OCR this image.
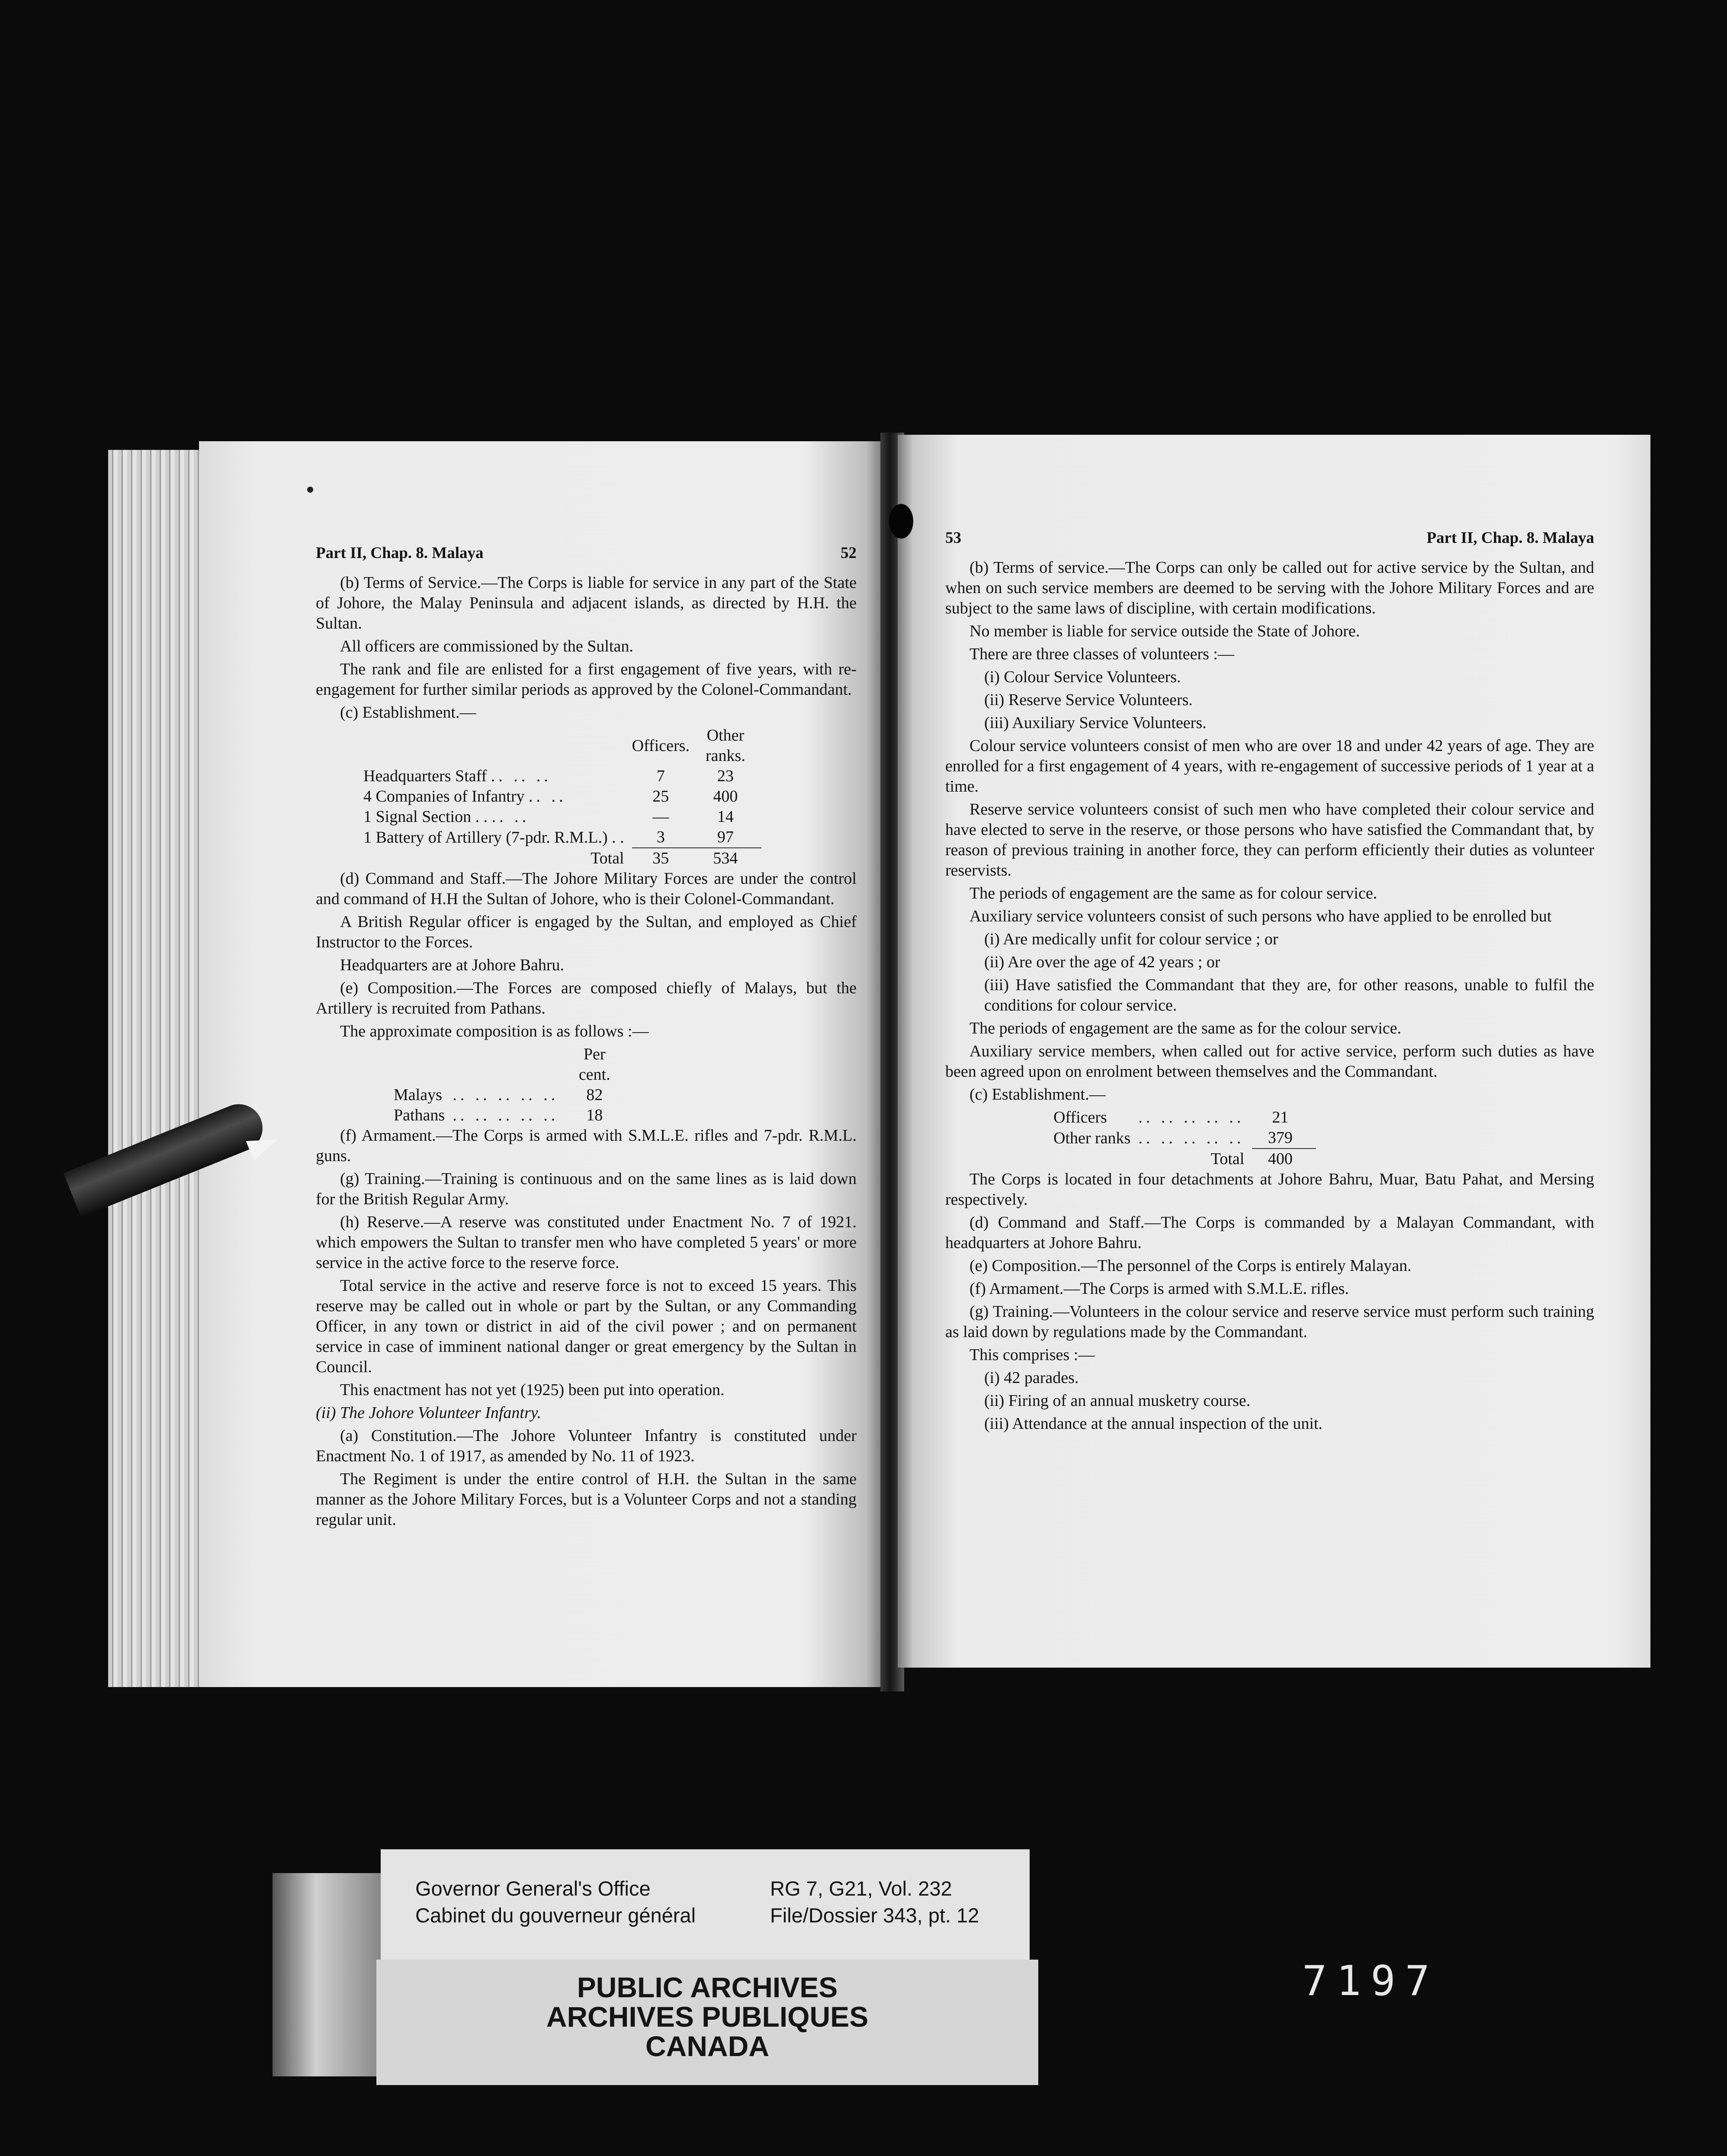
Part II, Chap. 8. Malaya	52

(b) Terms of Service.—The Corps is liable for service in any part of the State of Johore, the Malay Peninsula and adjacent islands, as directed by H.H. the Sultan.

All officers are commissioned by the Sultan.

The rank and file are enlisted for a first engagement of five years, with re-engagement for further similar periods as approved by the Colonel-Commandant.

(c) Establishment.—

	Officers.	Other ranks.
Headquarters Staff .. .. ..	7	23
4 Companies of Infantry .. ..	25	400
1 Signal Section . . .. ..	—	14
1 Battery of Artillery (7-pdr. R.M.L.) . .	3	97
Total	35	534

(d) Command and Staff.—The Johore Military Forces are under the control and command of H.H the Sultan of Johore, who is their Colonel-Commandant.

A British Regular officer is engaged by the Sultan, and employed as Chief Instructor to the Forces.

Headquarters are at Johore Bahru.

(e) Composition.—The Forces are composed chiefly of Malays, but the Artillery is recruited from Pathans.

The approximate composition is as follows :—

		Per cent.
Malays	.. .. .. .. ..	82
Pathans	.. .. .. .. ..	18

(f) Armament.—The Corps is armed with S.M.L.E. rifles and 7-pdr. R.M.L. guns.

(g) Training.—Training is continuous and on the same lines as is laid down for the British Regular Army.

(h) Reserve.—A reserve was constituted under Enactment No. 7 of 1921. which empowers the Sultan to transfer men who have completed 5 years' or more service in the active force to the reserve force.

Total service in the active and reserve force is not to exceed 15 years. This reserve may be called out in whole or part by the Sultan, or any Commanding Officer, in any town or district in aid of the civil power ; and on permanent service in case of imminent national danger or great emergency by the Sultan in Council.

This enactment has not yet (1925) been put into operation.

(ii) The Johore Volunteer Infantry.

(a) Constitution.—The Johore Volunteer Infantry is constituted under Enactment No. 1 of 1917, as amended by No. 11 of 1923.

The Regiment is under the entire control of H.H. the Sultan in the same manner as the Johore Military Forces, but is a Volunteer Corps and not a standing regular unit.

53	Part II, Chap. 8. Malaya

(b) Terms of service.—The Corps can only be called out for active service by the Sultan, and when on such service members are deemed to be serving with the Johore Military Forces and are subject to the same laws of discipline, with certain modifications.

No member is liable for service outside the State of Johore.

There are three classes of volunteers :—

(i) Colour Service Volunteers.

(ii) Reserve Service Volunteers.

(iii) Auxiliary Service Volunteers.

Colour service volunteers consist of men who are over 18 and under 42 years of age. They are enrolled for a first engagement of 4 years, with re-engagement of successive periods of 1 year at a time.

Reserve service volunteers consist of such men who have completed their colour service and have elected to serve in the reserve, or those persons who have satisfied the Commandant that, by reason of previous training in another force, they can perform efficiently their duties as volunteer reservists.

The periods of engagement are the same as for colour service.

Auxiliary service volunteers consist of such persons who have applied to be enrolled but

(i) Are medically unfit for colour service ; or

(ii) Are over the age of 42 years ; or

(iii) Have satisfied the Commandant that they are, for other reasons, unable to fulfil the conditions for colour service.

The periods of engagement are the same as for the colour service.

Auxiliary service members, when called out for active service, perform such duties as have been agreed upon on enrolment between themselves and the Commandant.

(c) Establishment.—

Officers	.. .. .. .. ..	21
Other ranks	.. .. .. .. ..	379
	Total	400

The Corps is located in four detachments at Johore Bahru, Muar, Batu Pahat, and Mersing respectively.

(d) Command and Staff.—The Corps is commanded by a Malayan Commandant, with headquarters at Johore Bahru.

(e) Composition.—The personnel of the Corps is entirely Malayan.

(f) Armament.—The Corps is armed with S.M.L.E. rifles.

(g) Training.—Volunteers in the colour service and reserve service must perform such training as laid down by regulations made by the Commandant.

This comprises :—

(i) 42 parades.

(ii) Firing of an annual musketry course.

(iii) Attendance at the annual inspection of the unit.

Governor General's Office
Cabinet du gouverneur général
RG 7, G21, Vol. 232
File/Dossier 343, pt. 12
PUBLIC ARCHIVES
ARCHIVES PUBLIQUES
CANADA
7197
